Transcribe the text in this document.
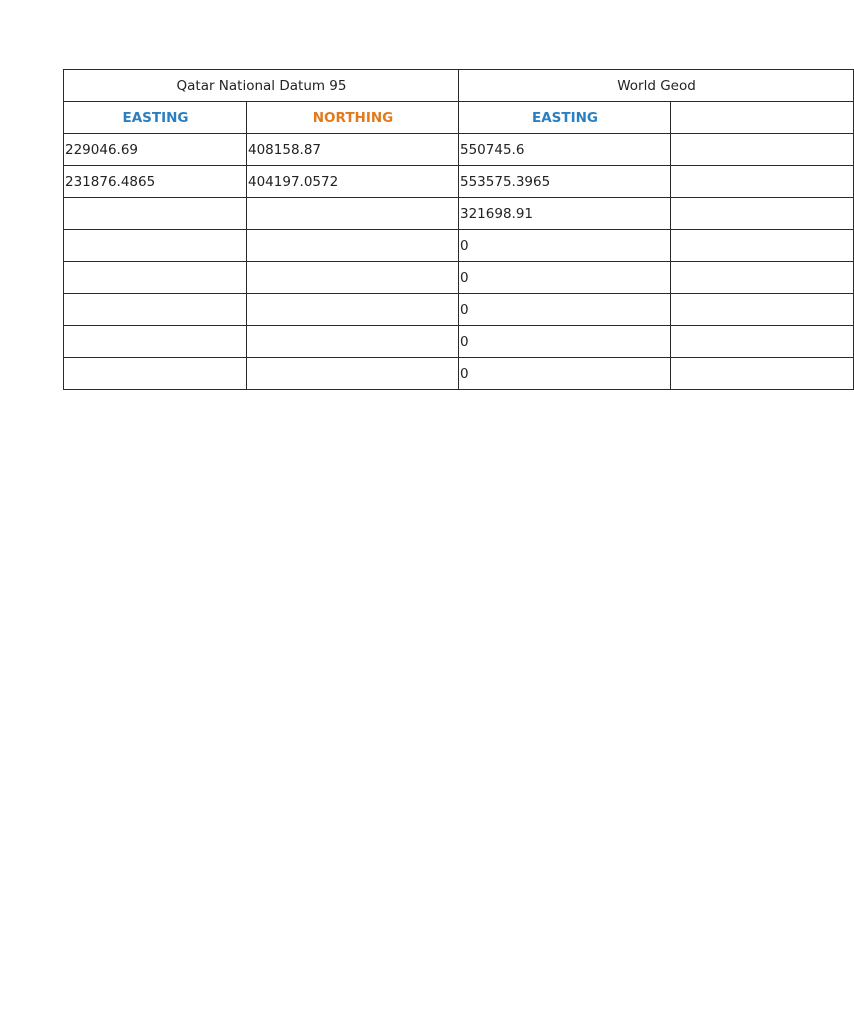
Qatar National Datum 95		World Geod	
EASTING	NORTHING	EASTING	
229046.69	408158.87	550745.6	
231876.4865	404197.0572	553575.3965	
		321698.91	
		0	
		0	
		0	
		0	
		0	
